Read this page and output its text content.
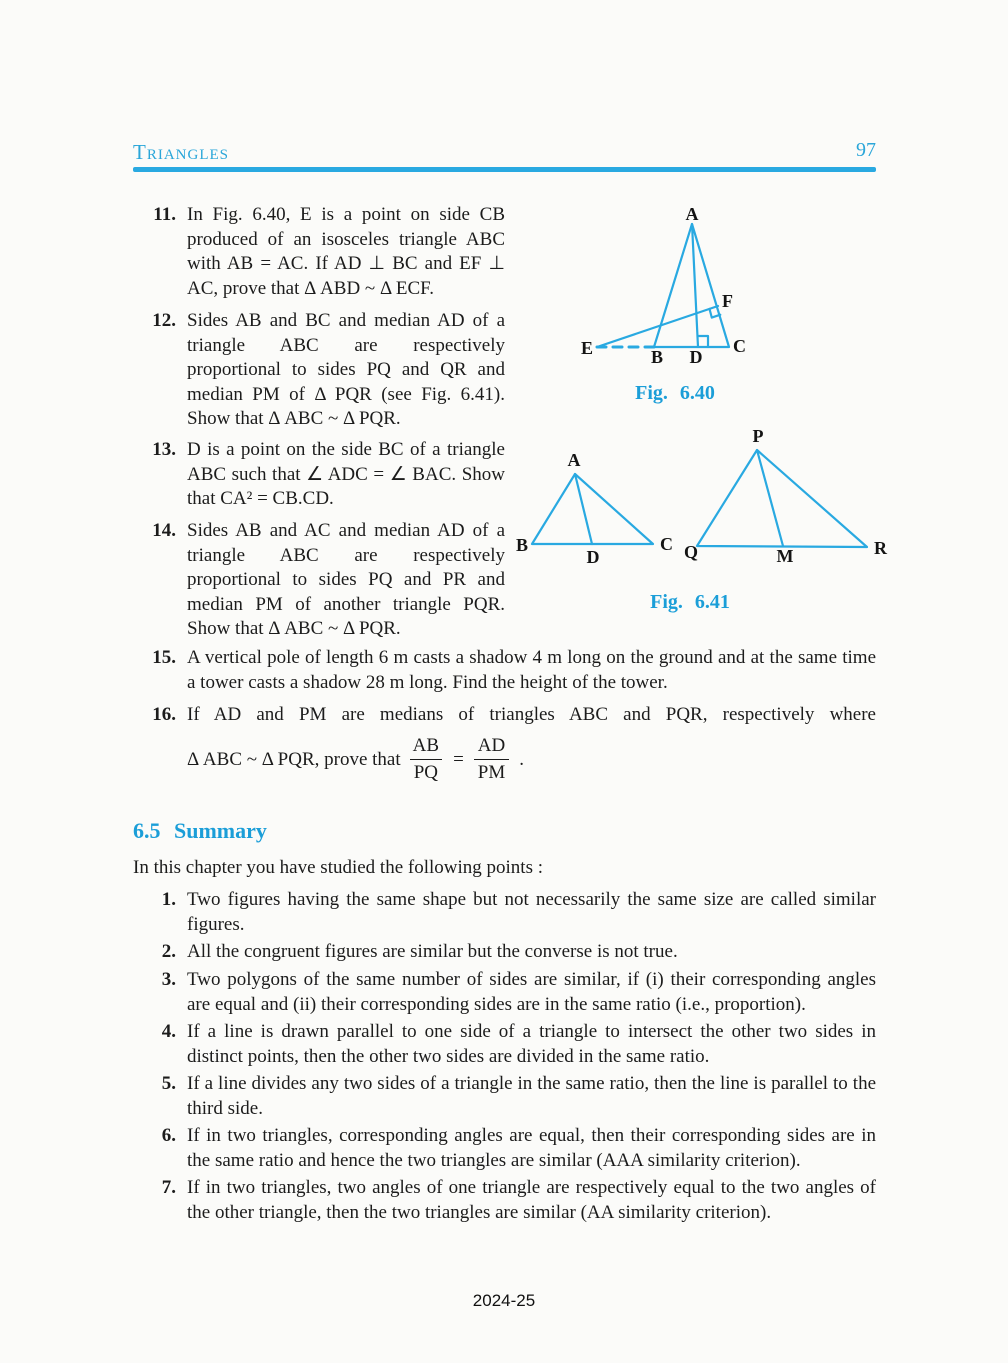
Triangles	97
11. In Fig. 6.40, E is a point on side CB produced of an isosceles triangle ABC with AB = AC. If AD ⊥ BC and EF ⊥ AC, prove that Δ ABD ~ Δ ECF.
12. Sides AB and BC and median AD of a triangle ABC are respectively proportional to sides PQ and QR and median PM of Δ PQR (see Fig. 6.41). Show that Δ ABC ~ Δ PQR.
13. D is a point on the side BC of a triangle ABC such that ∠ ADC = ∠ BAC. Show that CA² = CB.CD.
14. Sides AB and AC and median AD of a triangle ABC are respectively proportional to sides PQ and PR and median PM of another triangle PQR. Show that Δ ABC ~ Δ PQR.
15. A vertical pole of length 6 m casts a shadow 4 m long on the ground and at the same time a tower casts a shadow 28 m long. Find the height of the tower.
16. If AD and PM are medians of triangles ABC and PQR, respectively where
Δ ABC ~ Δ PQR, prove that $\frac{AB}{PQ} = \frac{AD}{PM}$ .
A
F
E	B D
C
Fig. 6.40
A
B	C
D
P
Q	M	R
Fig. 6.41
6.5 Summary
In this chapter you have studied the following points :
1. Two figures having the same shape but not necessarily the same size are called similar figures.
2. All the congruent figures are similar but the converse is not true.
3. Two polygons of the same number of sides are similar, if (i) their corresponding angles are equal and (ii) their corresponding sides are in the same ratio (i.e., proportion).
4. If a line is drawn parallel to one side of a triangle to intersect the other two sides in distinct points, then the other two sides are divided in the same ratio.
5. If a line divides any two sides of a triangle in the same ratio, then the line is parallel to the third side.
6. If in two triangles, corresponding angles are equal, then their corresponding sides are in the same ratio and hence the two triangles are similar (AAA similarity criterion).
7. If in two triangles, two angles of one triangle are respectively equal to the two angles of the other triangle, then the two triangles are similar (AA similarity criterion).
2024-25
